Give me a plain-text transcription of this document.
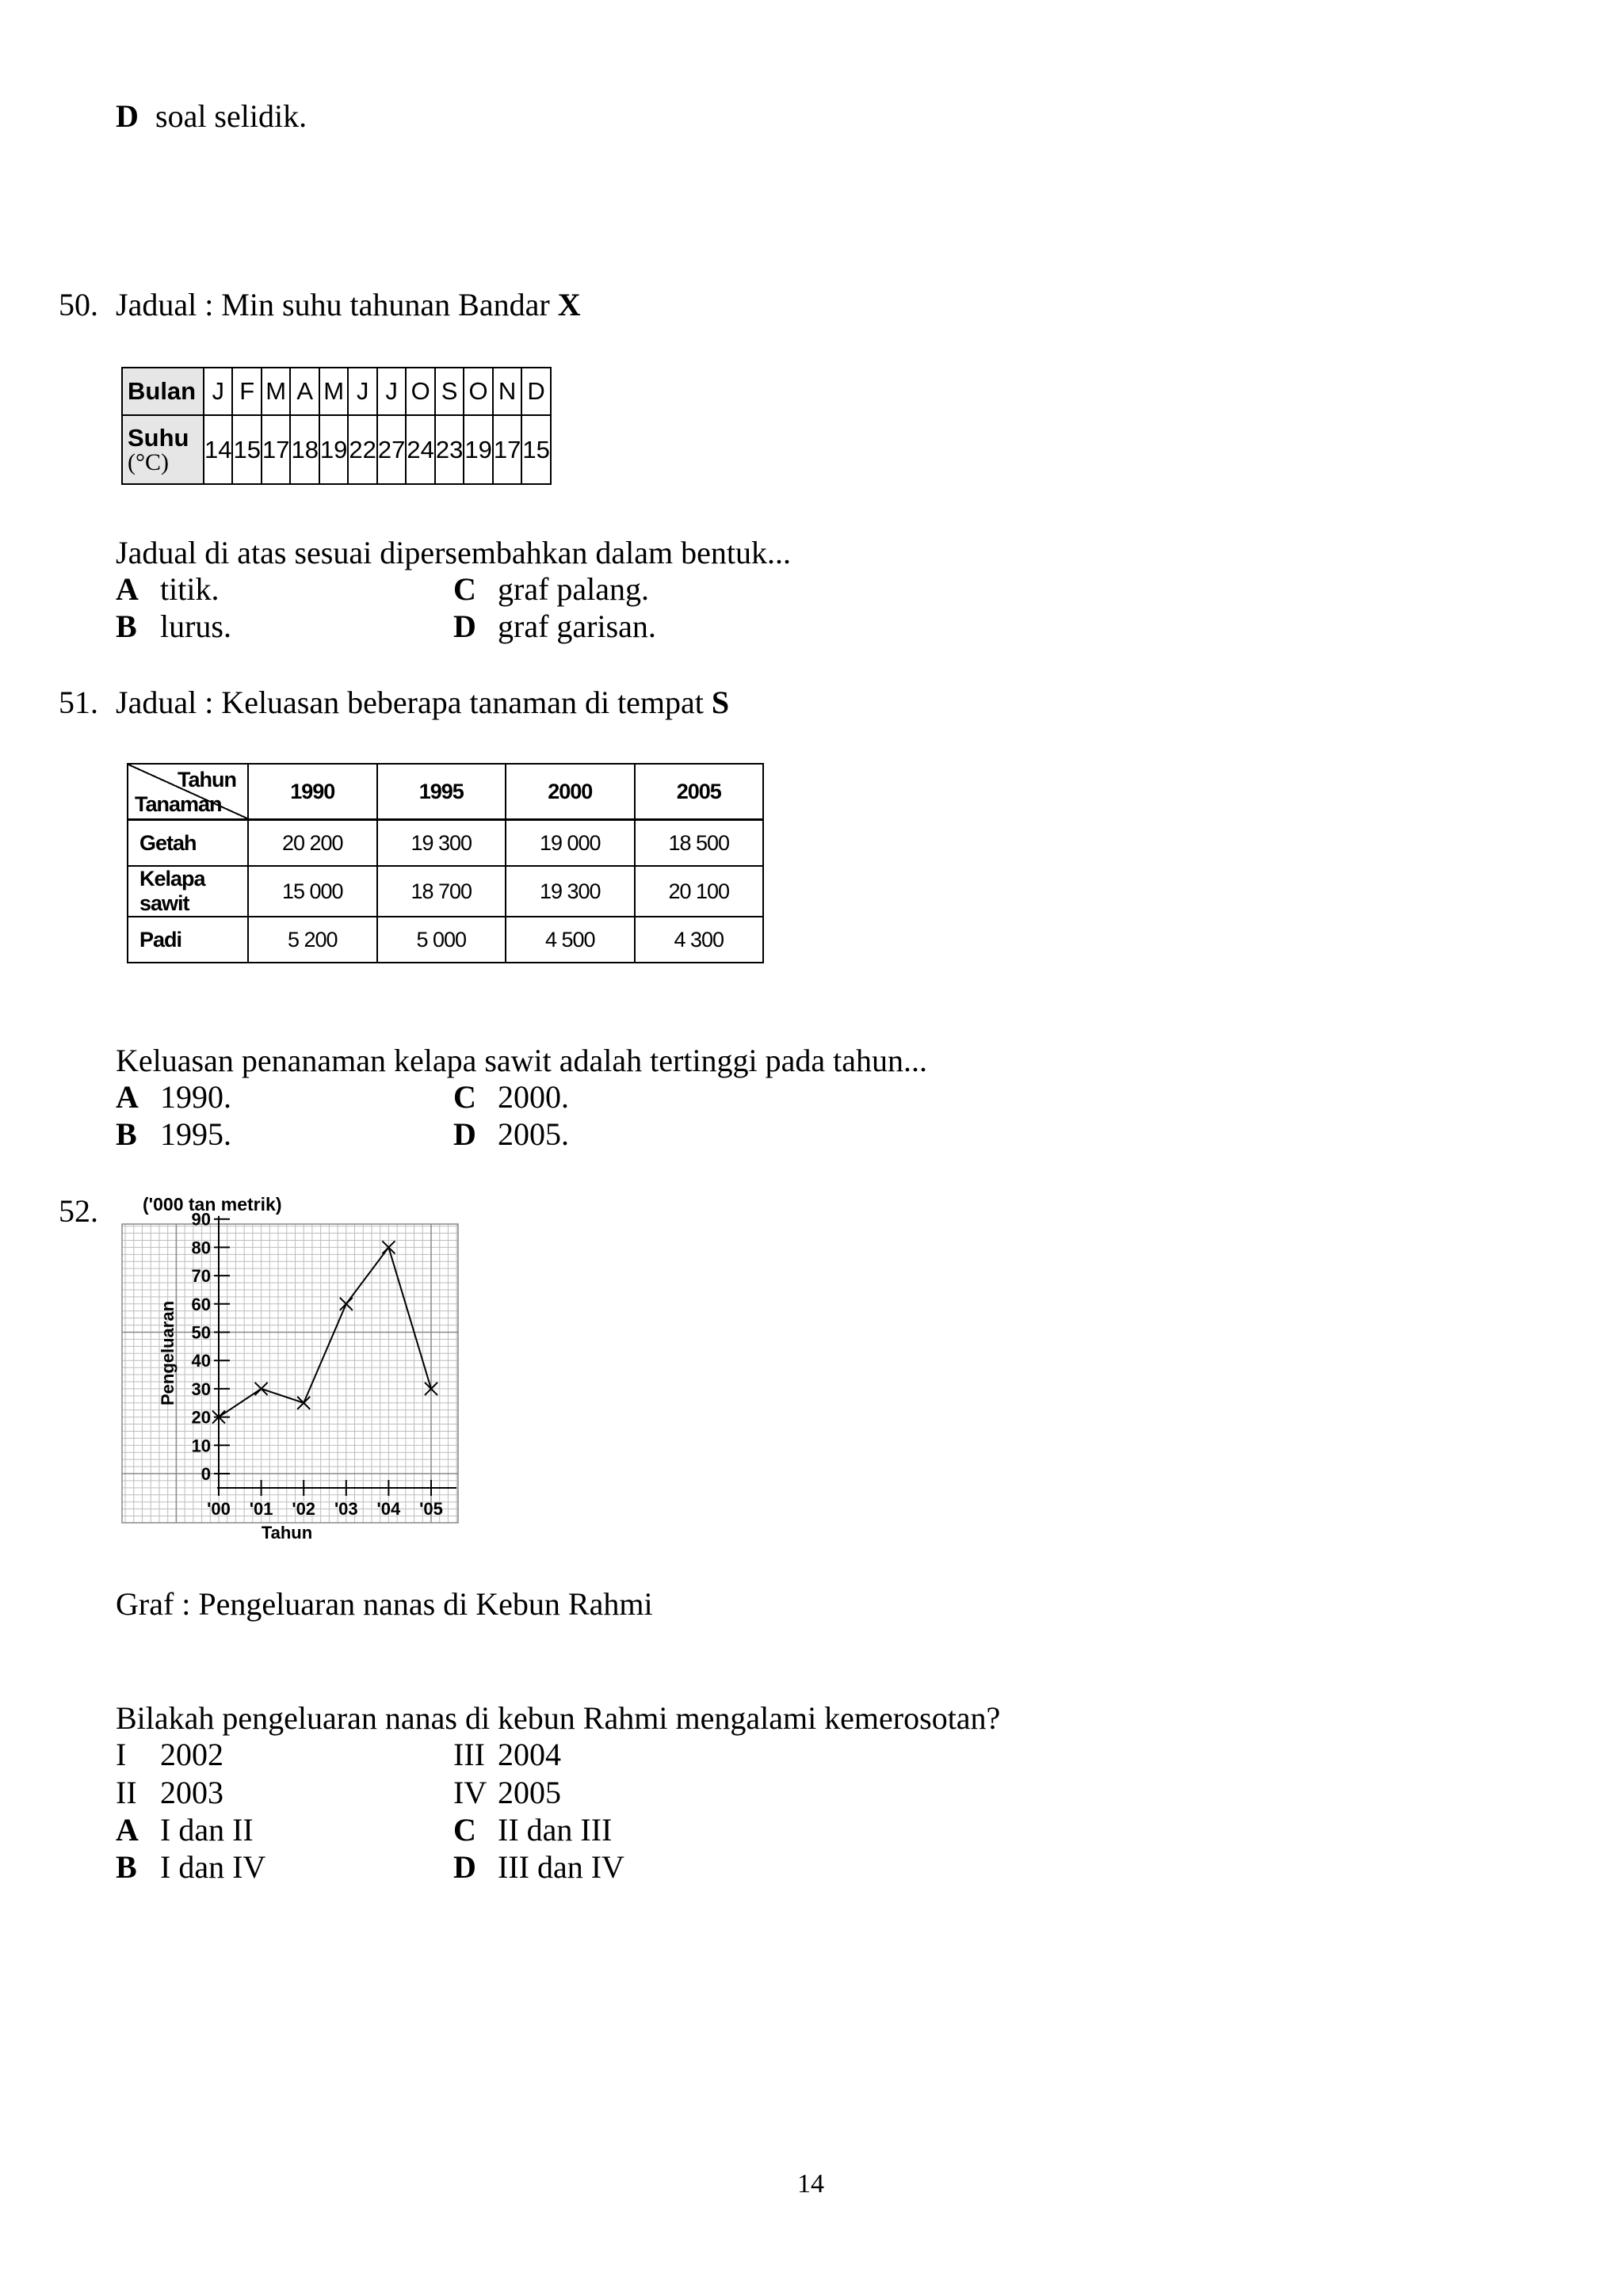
D soal selidik.
50. Jadual : Min suhu tahunan Bandar X
Bulan	J	F	M	A	M	J	J	O	S	O	N	D

Suhu
(°C)	14	15	17	18	19	22	27	24	23	19	17	15
Jadual di atas sesuai dipersembahkan dalam bentuk...
A titik.
B lurus.
C graf palang.
D graf garisan.
51. Jadual : Keluasan beberapa tanaman di tempat S
Tahun
Tanaman	1990	1995	2000	2005
Getah	20 200	19 300	19 000	18 500
Kelapa sawit	15 000	18 700	19 300	20 100
Padi	5 200	5 000	4 500	4 300
Keluasan penanaman kelapa sawit adalah tertinggi pada tahun...
A 1990.
B 1995.
C 2000.
D 2005.
52.
0
10
20
30
40
50
60
70
80
90
'00 '01 '02 '03 '04 '05
('000 tan metrik)
Pengeluaran
Tahun
Graf : Pengeluaran nanas di Kebun Rahmi
Bilakah pengeluaran nanas di kebun Rahmi mengalami kemerosotan?
I 2002
II 2003
III 2004
IV 2005
A I dan II
B I dan IV
C II dan III
D III dan IV
14
